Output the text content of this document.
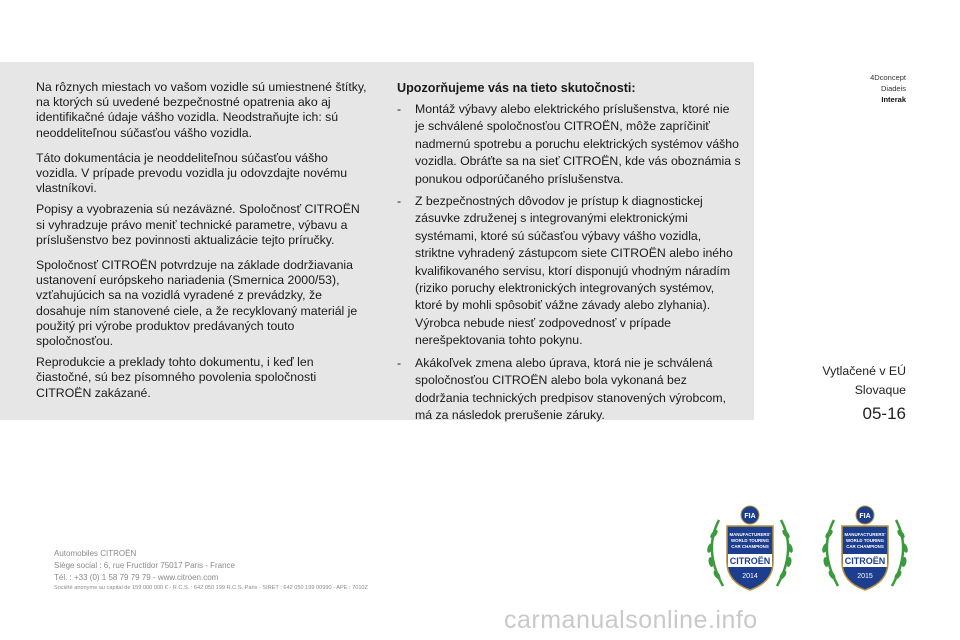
4Dconcept
Diadeis
Interak

Na rôznych miestach vo vašom vozidle sú umiestnené štítky, na ktorých sú uvedené bezpečnostné opatrenia ako aj identifikačné údaje vášho vozidla. Neodstraňujte ich: sú neoddeliteľnou súčasťou vášho vozidla.

Táto dokumentácia je neoddeliteľnou súčasťou vášho vozidla. V prípade prevodu vozidla ju odovzdajte novému vlastníkovi.

Popisy a vyobrazenia sú nezáväzné. Spoločnosť CITROËN si vyhradzuje právo meniť technické parametre, výbavu a príslušenstvo bez povinnosti aktualizácie tejto príručky.

Spoločnosť CITROËN potvrdzuje na základe dodržiavania ustanovení európskeho nariadenia (Smernica 2000/53), vzťahujúcich sa na vozidlá vyradené z prevádzky, že dosahuje ním stanovené ciele, a že recyklovaný materiál je použitý pri výrobe produktov predávaných touto spoločnosťou.

Reprodukcie a preklady tohto dokumentu, i keď len čiastočné, sú bez písomného povolenia spoločnosti CITROËN zakázané.

Upozorňujeme vás na tieto skutočnosti:
- Montáž výbavy alebo elektrického príslušenstva, ktoré nie je schválené spoločnosťou CITROËN, môže zapríčiniť nadmernú spotrebu a poruchu elektrických systémov vášho vozidla. Obráťte sa na sieť CITROËN, kde vás oboznámia s ponukou odporúčaného príslušenstva.
- Z bezpečnostných dôvodov je prístup k diagnostickej zásuvke združenej s integrovanými elektronickými systémami, ktoré sú súčasťou výbavy vášho vozidla, striktne vyhradený zástupcom siete CITROËN alebo iného kvalifikovaného servisu, ktorí disponujú vhodným náradím (riziko poruchy elektronických integrovaných systémov, ktoré by mohli spôsobiť vážne závady alebo zlyhania). Výrobca nebude niesť zodpovednosť v prípade nerešpektovania tohto pokynu.
- Akákoľvek zmena alebo úprava, ktorá nie je schválená spoločnosťou CITROËN alebo bola vykonaná bez dodržania technických predpisov stanovených výrobcom, má za následok prerušenie záruky.
Vytlačené v EÚ
Slovaque
05-16
Automobiles CITROËN
Siège social : 6, rue Fructidor 75017 Paris - France
Tél. : +33 (0) 1 58 79 79 79 - www.citroen.com
Société anonyme au capital de 159 000 000 € - R.C.S. : 642 050 199 R.C.S. Paris - SIRET : 642 050 199 00990 - APE : 7010Z
FIA
MANUFACTURERS'
WORLD TOURING
CAR CHAMPIONS
CITROËN
2014
FIA
MANUFACTURERS'
WORLD TOURING
CAR CHAMPIONS
CITROËN
2015
carmanualsonline.info
